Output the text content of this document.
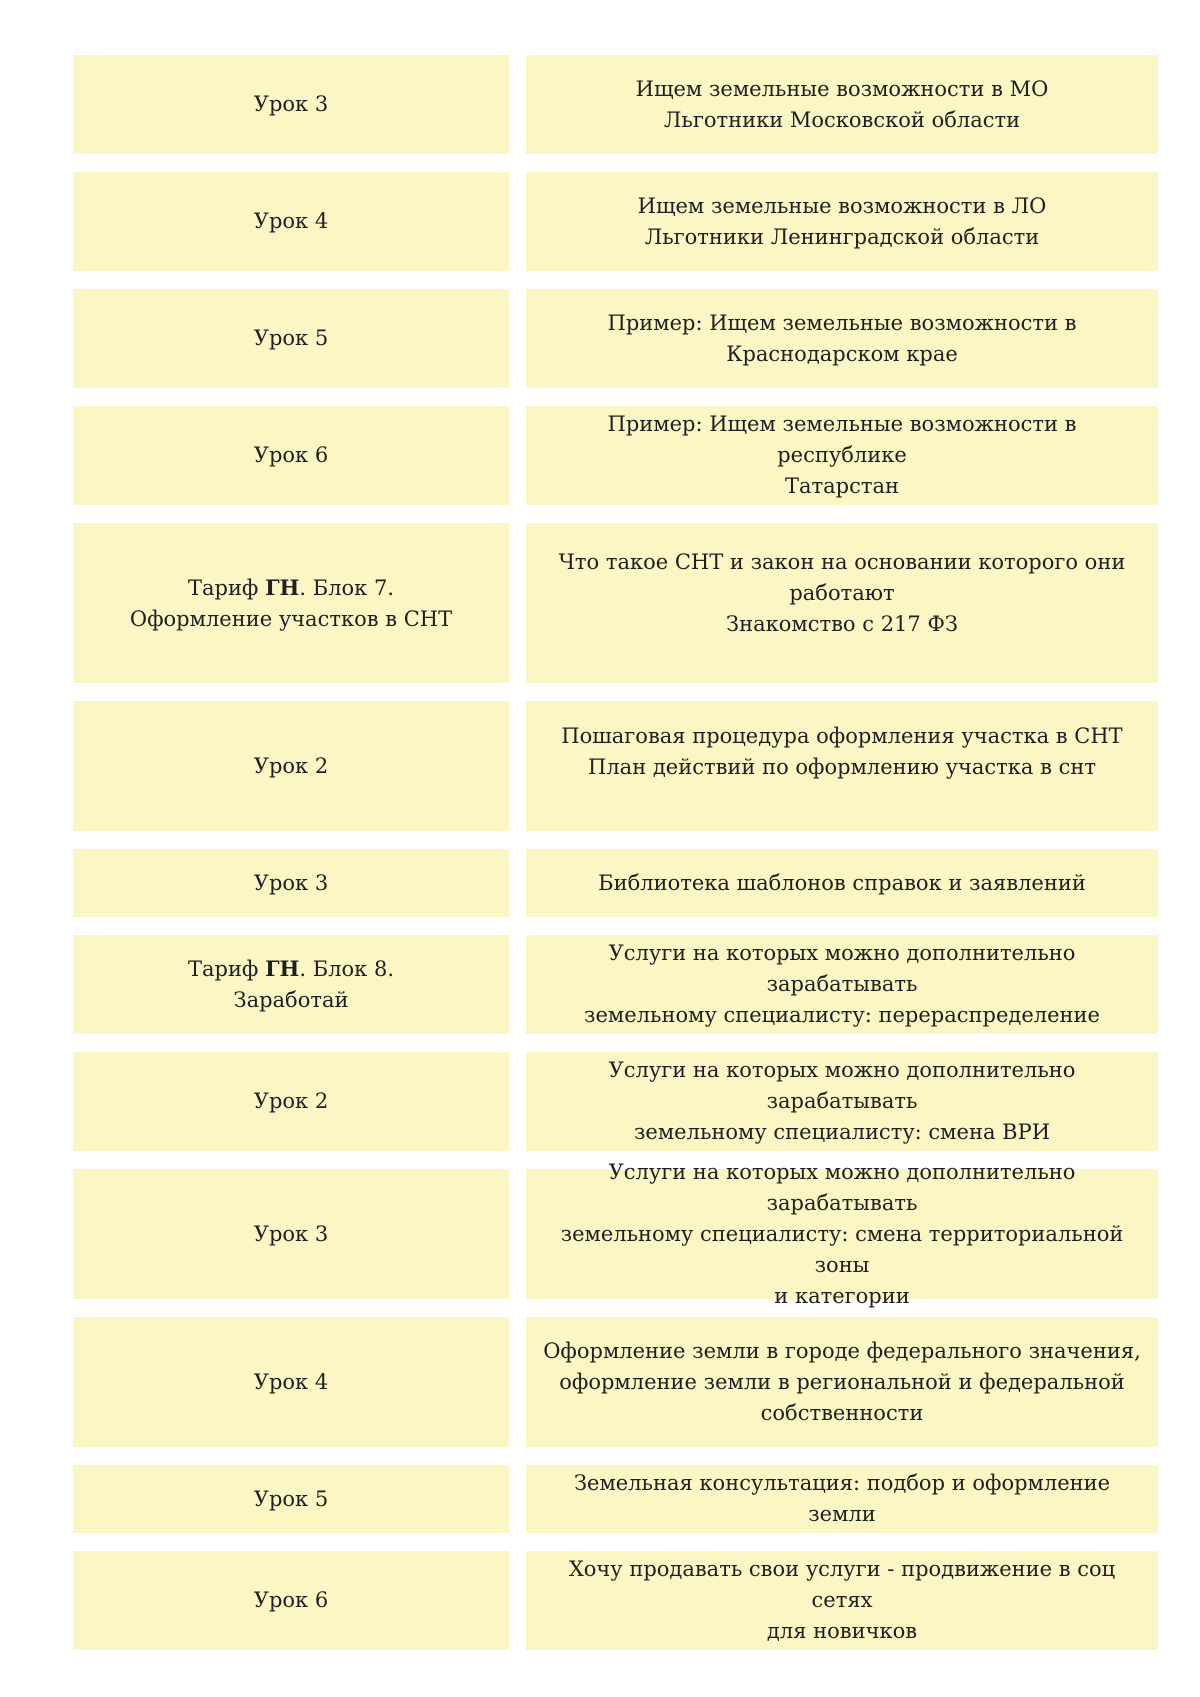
Урок 3
Ищем земельные возможности в МО
Льготники Московской области
Урок 4
Ищем земельные возможности в ЛО
Льготники Ленинградской области
Урок 5
Пример: Ищем земельные возможности в
Краснодарском крае
Урок 6
Пример: Ищем земельные возможности в республике
Татарстан
Тариф ГН. Блок 7.
Оформление участков в СНТ
Что такое СНТ и закон на основании которого они
работают
Знакомство с 217 ФЗ
Урок 2
Пошаговая процедура оформления участка в СНТ
План действий по оформлению участка в снт
Урок 3	Библиотека шаблонов справок и заявлений
Тариф ГН. Блок 8.
Заработай
Услуги на которых можно дополнительно зарабатывать
земельному специалисту: перераспределение
Урок 2
Услуги на которых можно дополнительно зарабатывать
земельному специалисту: смена ВРИ
Урок 3
Услуги на которых можно дополнительно зарабатывать
земельному специалисту: смена территориальной зоны
и категории
Урок 4
Оформление земли в городе федерального значения,
оформление земли в региональной и федеральной
собственности
Урок 5
Земельная консультация: подбор и оформление земли
Урок 6
Хочу продавать свои услуги - продвижение в соц сетях
для новичков
